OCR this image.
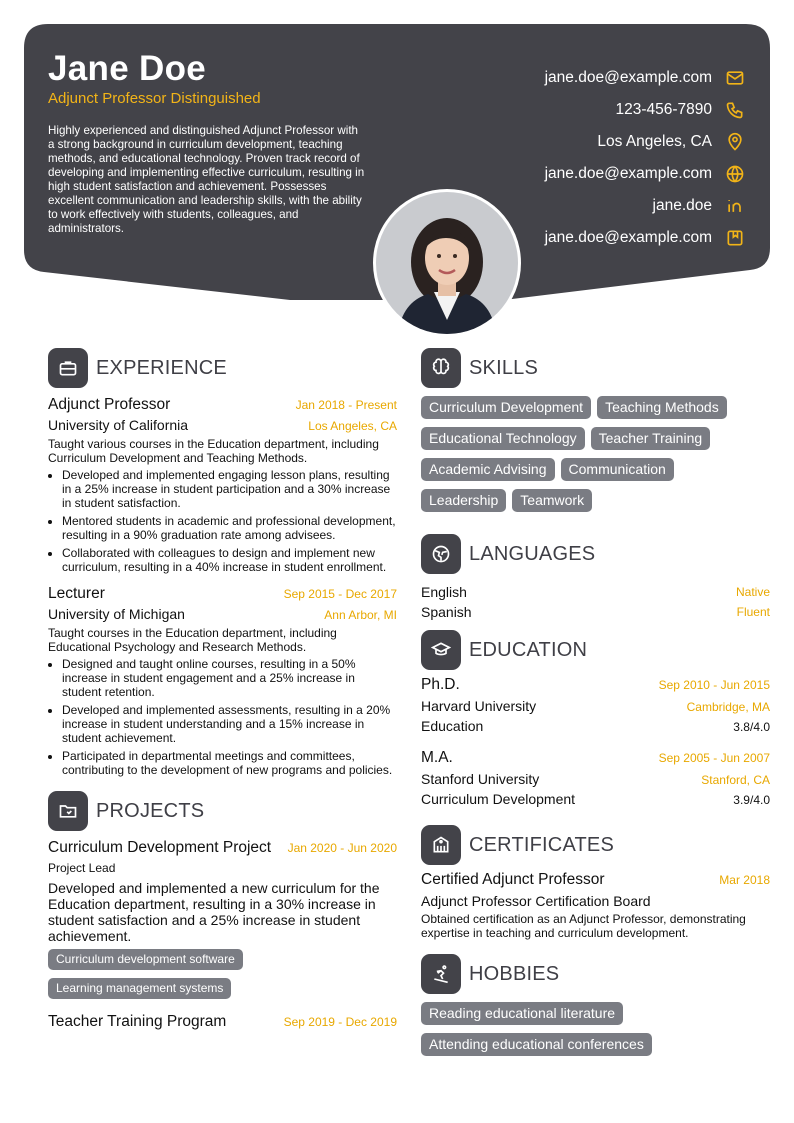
Jane Doe
Adjunct Professor Distinguished

Highly experienced and distinguished Adjunct Professor with a strong background in curriculum development, teaching methods, and educational technology. Proven track record of developing and implementing effective curriculum, resulting in high student satisfaction and achievement. Possesses excellent communication and leadership skills, with the ability to work effectively with students, colleagues, and administrators.

jane.doe@example.com
123-456-7890
Los Angeles, CA
jane.doe@example.com
jane.doe
jane.doe@example.com
EXPERIENCE
Adjunct Professor	Jan 2018 - Present
University of California	Los Angeles, CA

Taught various courses in the Education department, including Curriculum Development and Teaching Methods.

• Developed and implemented engaging lesson plans, resulting in a 25% increase in student participation and a 30% increase in student satisfaction.
• Mentored students in academic and professional development, resulting in a 90% graduation rate among advisees.
• Collaborated with colleagues to design and implement new curriculum, resulting in a 40% increase in student enrollment.
Lecturer	Sep 2015 - Dec 2017
University of Michigan	Ann Arbor, MI

Taught courses in the Education department, including Educational Psychology and Research Methods.

• Designed and taught online courses, resulting in a 50% increase in student engagement and a 25% increase in student retention.
• Developed and implemented assessments, resulting in a 20% increase in student understanding and a 15% increase in student achievement.
• Participated in departmental meetings and committees, contributing to the development of new programs and policies.
PROJECTS
Curriculum Development Project Jan 2020 - Jun 2020
Project Lead

Developed and implemented a new curriculum for the Education department, resulting in a 30% increase in student satisfaction and a 25% increase in student achievement.

Curriculum development software
Learning management systems
Teacher Training Program	Sep 2019 - Dec 2019
SKILLS
Curriculum Development Teaching MethodsEducational Technology Teacher TrainingAcademic Advising CommunicationLeadership Teamwork
LANGUAGES
English	Native
Spanish	Fluent
EDUCATION
Ph.D.	Sep 2010 - Jun 2015
Harvard University	Cambridge, MA
Education	3.8/4.0
M.A.	Sep 2005 - Jun 2007
Stanford University	Stanford, CA
Curriculum Development	3.9/4.0
CERTIFICATES
Certified Adjunct Professor	Mar 2018
Adjunct Professor Certification Board

Obtained certification as an Adjunct Professor, demonstrating expertise in teaching and curriculum development.

HOBBIES
Reading educational literature
Attending educational conferences
